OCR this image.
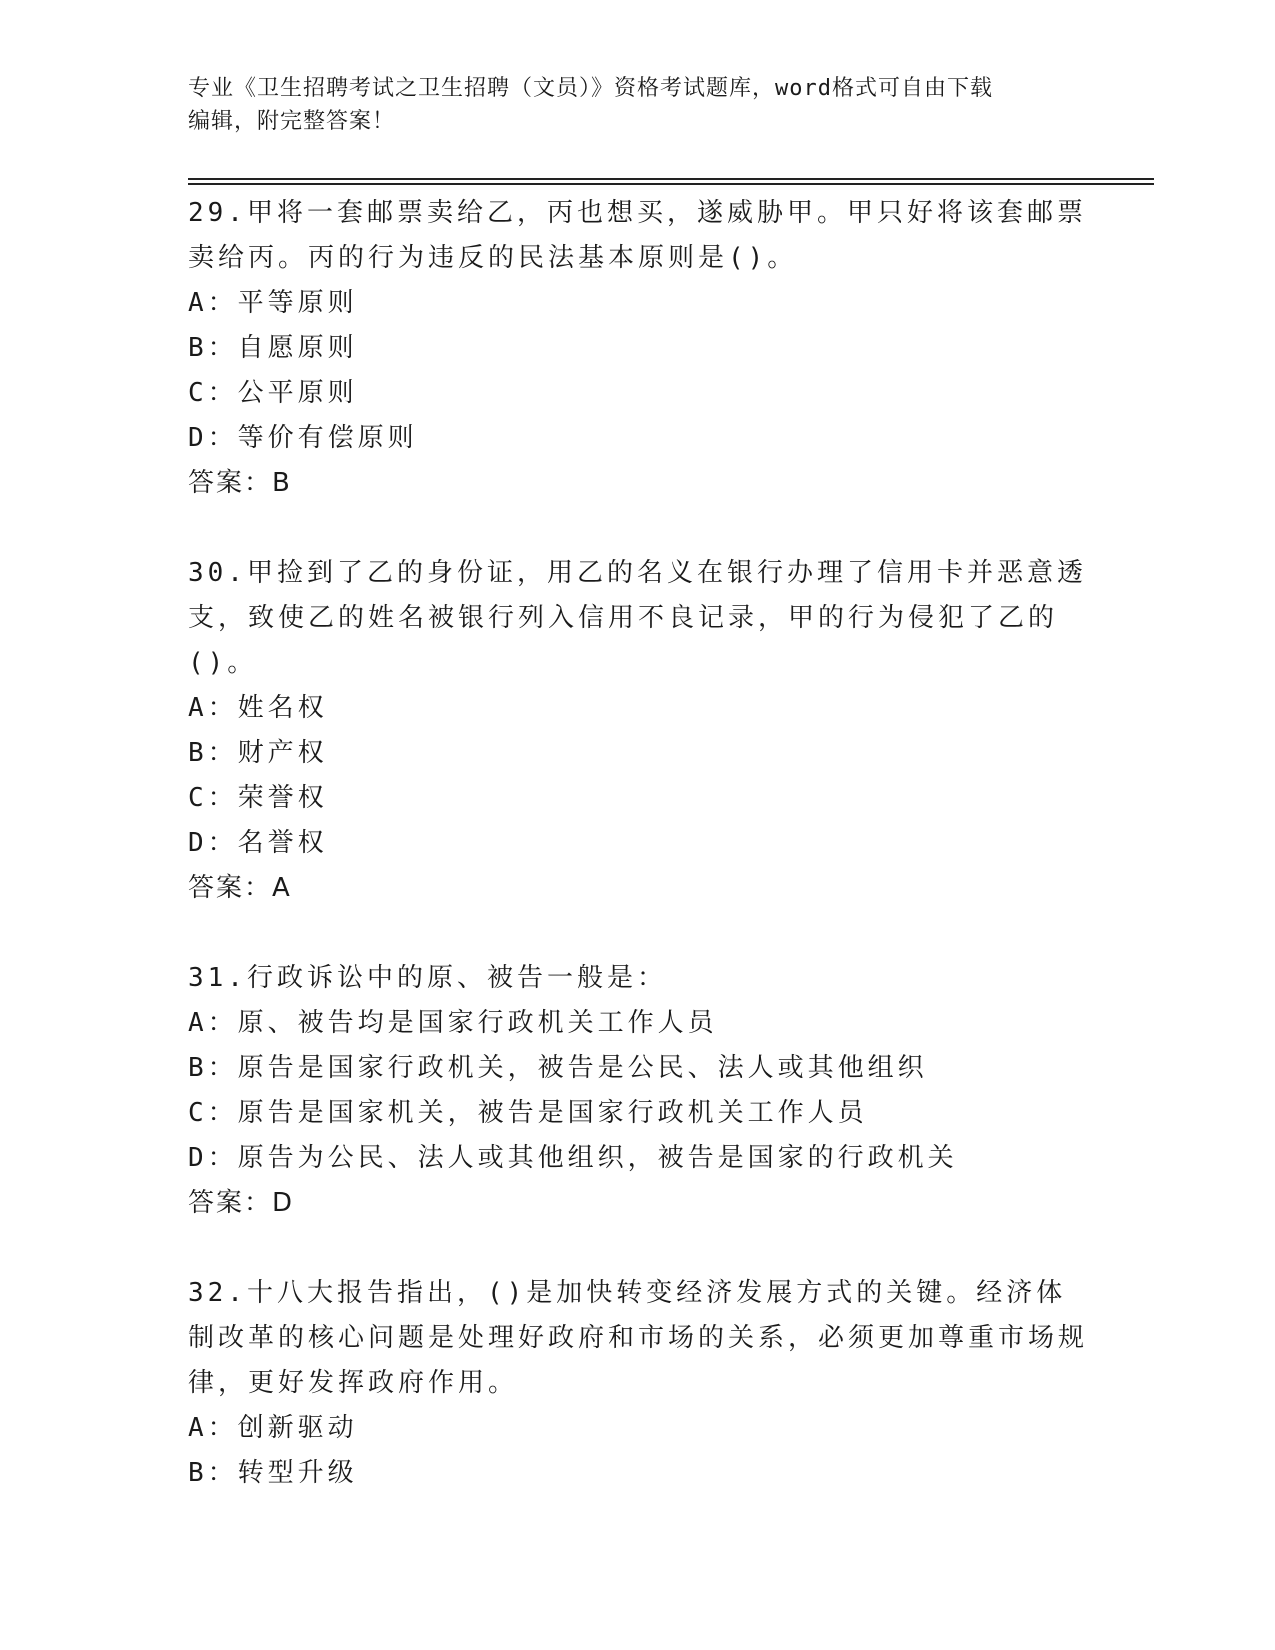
专业《卫生招聘考试之卫生招聘（文员）》资格考试题库，word格式可自由下载
编辑，附完整答案！

29.甲将一套邮票卖给乙，丙也想买，遂威胁甲。甲只好将该套邮票卖给丙。丙的行为违反的民法基本原则是()。

A：平等原则

B：自愿原则

C：公平原则

D：等价有偿原则

答案：B

30.甲捡到了乙的身份证，用乙的名义在银行办理了信用卡并恶意透支，致使乙的姓名被银行列入信用不良记录，甲的行为侵犯了乙的()。

A：姓名权

B：财产权

C：荣誉权

D：名誉权

答案：A

31.行政诉讼中的原、被告一般是：

A：原、被告均是国家行政机关工作人员

B：原告是国家行政机关，被告是公民、法人或其他组织

C：原告是国家机关，被告是国家行政机关工作人员

D：原告为公民、法人或其他组织，被告是国家的行政机关

答案：D

32.十八大报告指出，()是加快转变经济发展方式的关键。经济体制改革的核心问题是处理好政府和市场的关系，必须更加尊重市场规律，更好发挥政府作用。

A：创新驱动

B：转型升级
